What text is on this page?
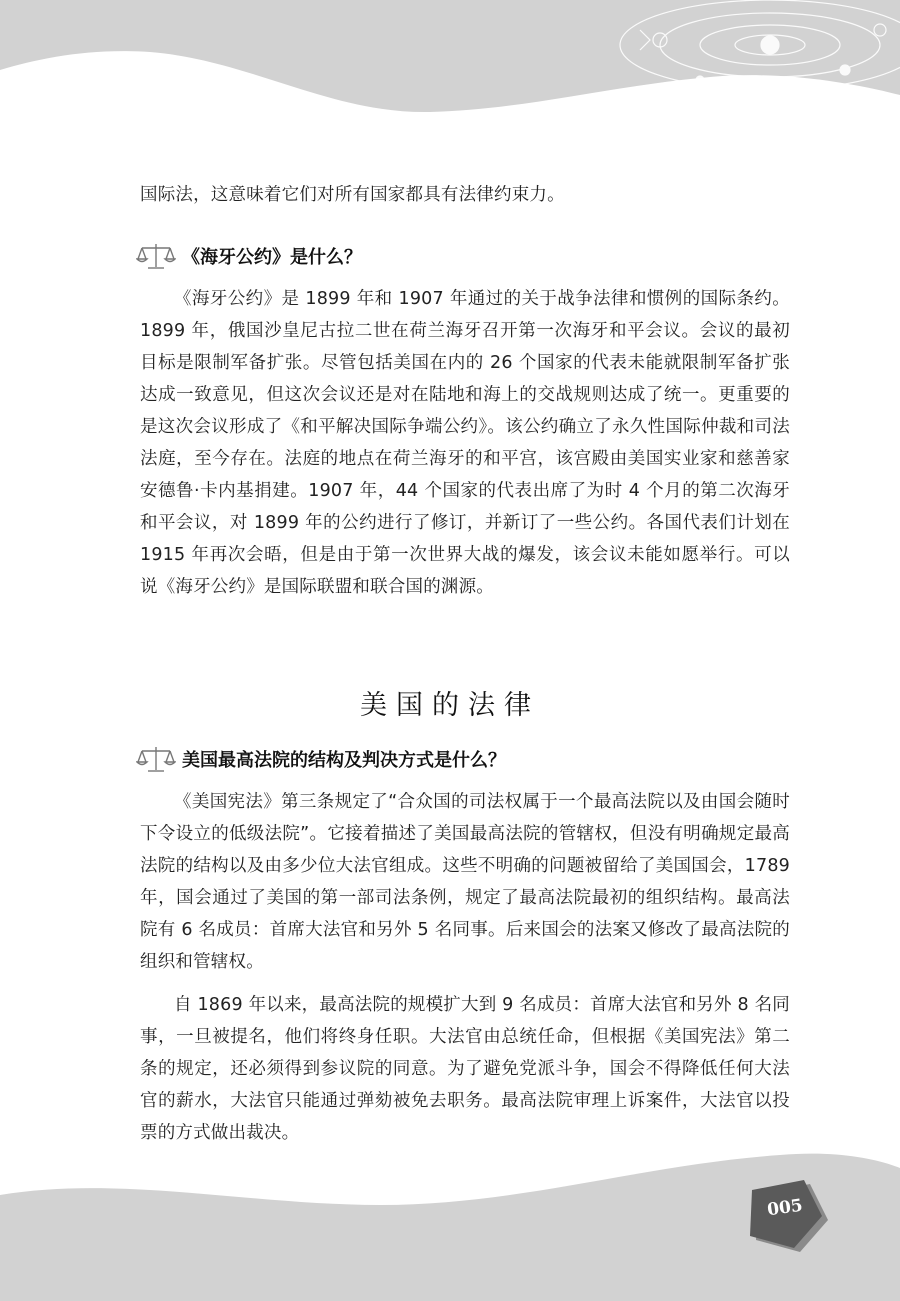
005

国际法，这意味着它们对所有国家都具有法律约束力。

《海牙公约》是什么？

《海牙公约》是 1899 年和 1907 年通过的关于战争法律和惯例的国际条约。1899 年，俄国沙皇尼古拉二世在荷兰海牙召开第一次海牙和平会议。会议的最初目标是限制军备扩张。尽管包括美国在内的 26 个国家的代表未能就限制军备扩张达成一致意见，但这次会议还是对在陆地和海上的交战规则达成了统一。更重要的是这次会议形成了《和平解决国际争端公约》。该公约确立了永久性国际仲裁和司法法庭，至今存在。法庭的地点在荷兰海牙的和平宫，该宫殿由美国实业家和慈善家安德鲁·卡内基捐建。1907 年，44 个国家的代表出席了为时 4 个月的第二次海牙和平会议，对 1899 年的公约进行了修订，并新订了一些公约。各国代表们计划在 1915 年再次会晤，但是由于第一次世界大战的爆发，该会议未能如愿举行。可以说《海牙公约》是国际联盟和联合国的渊源。

美国的法律
美国最高法院的结构及判决方式是什么？

《美国宪法》第三条规定了“合众国的司法权属于一个最高法院以及由国会随时下令设立的低级法院”。它接着描述了美国最高法院的管辖权，但没有明确规定最高法院的结构以及由多少位大法官组成。这些不明确的问题被留给了美国国会，1789 年，国会通过了美国的第一部司法条例，规定了最高法院最初的组织结构。最高法院有 6 名成员：首席大法官和另外 5 名同事。后来国会的法案又修改了最高法院的组织和管辖权。

自 1869 年以来，最高法院的规模扩大到 9 名成员：首席大法官和另外 8 名同事，一旦被提名，他们将终身任职。大法官由总统任命，但根据《美国宪法》第二条的规定，还必须得到参议院的同意。为了避免党派斗争，国会不得降低任何大法官的薪水，大法官只能通过弹劾被免去职务。最高法院审理上诉案件，大法官以投票的方式做出裁决。
